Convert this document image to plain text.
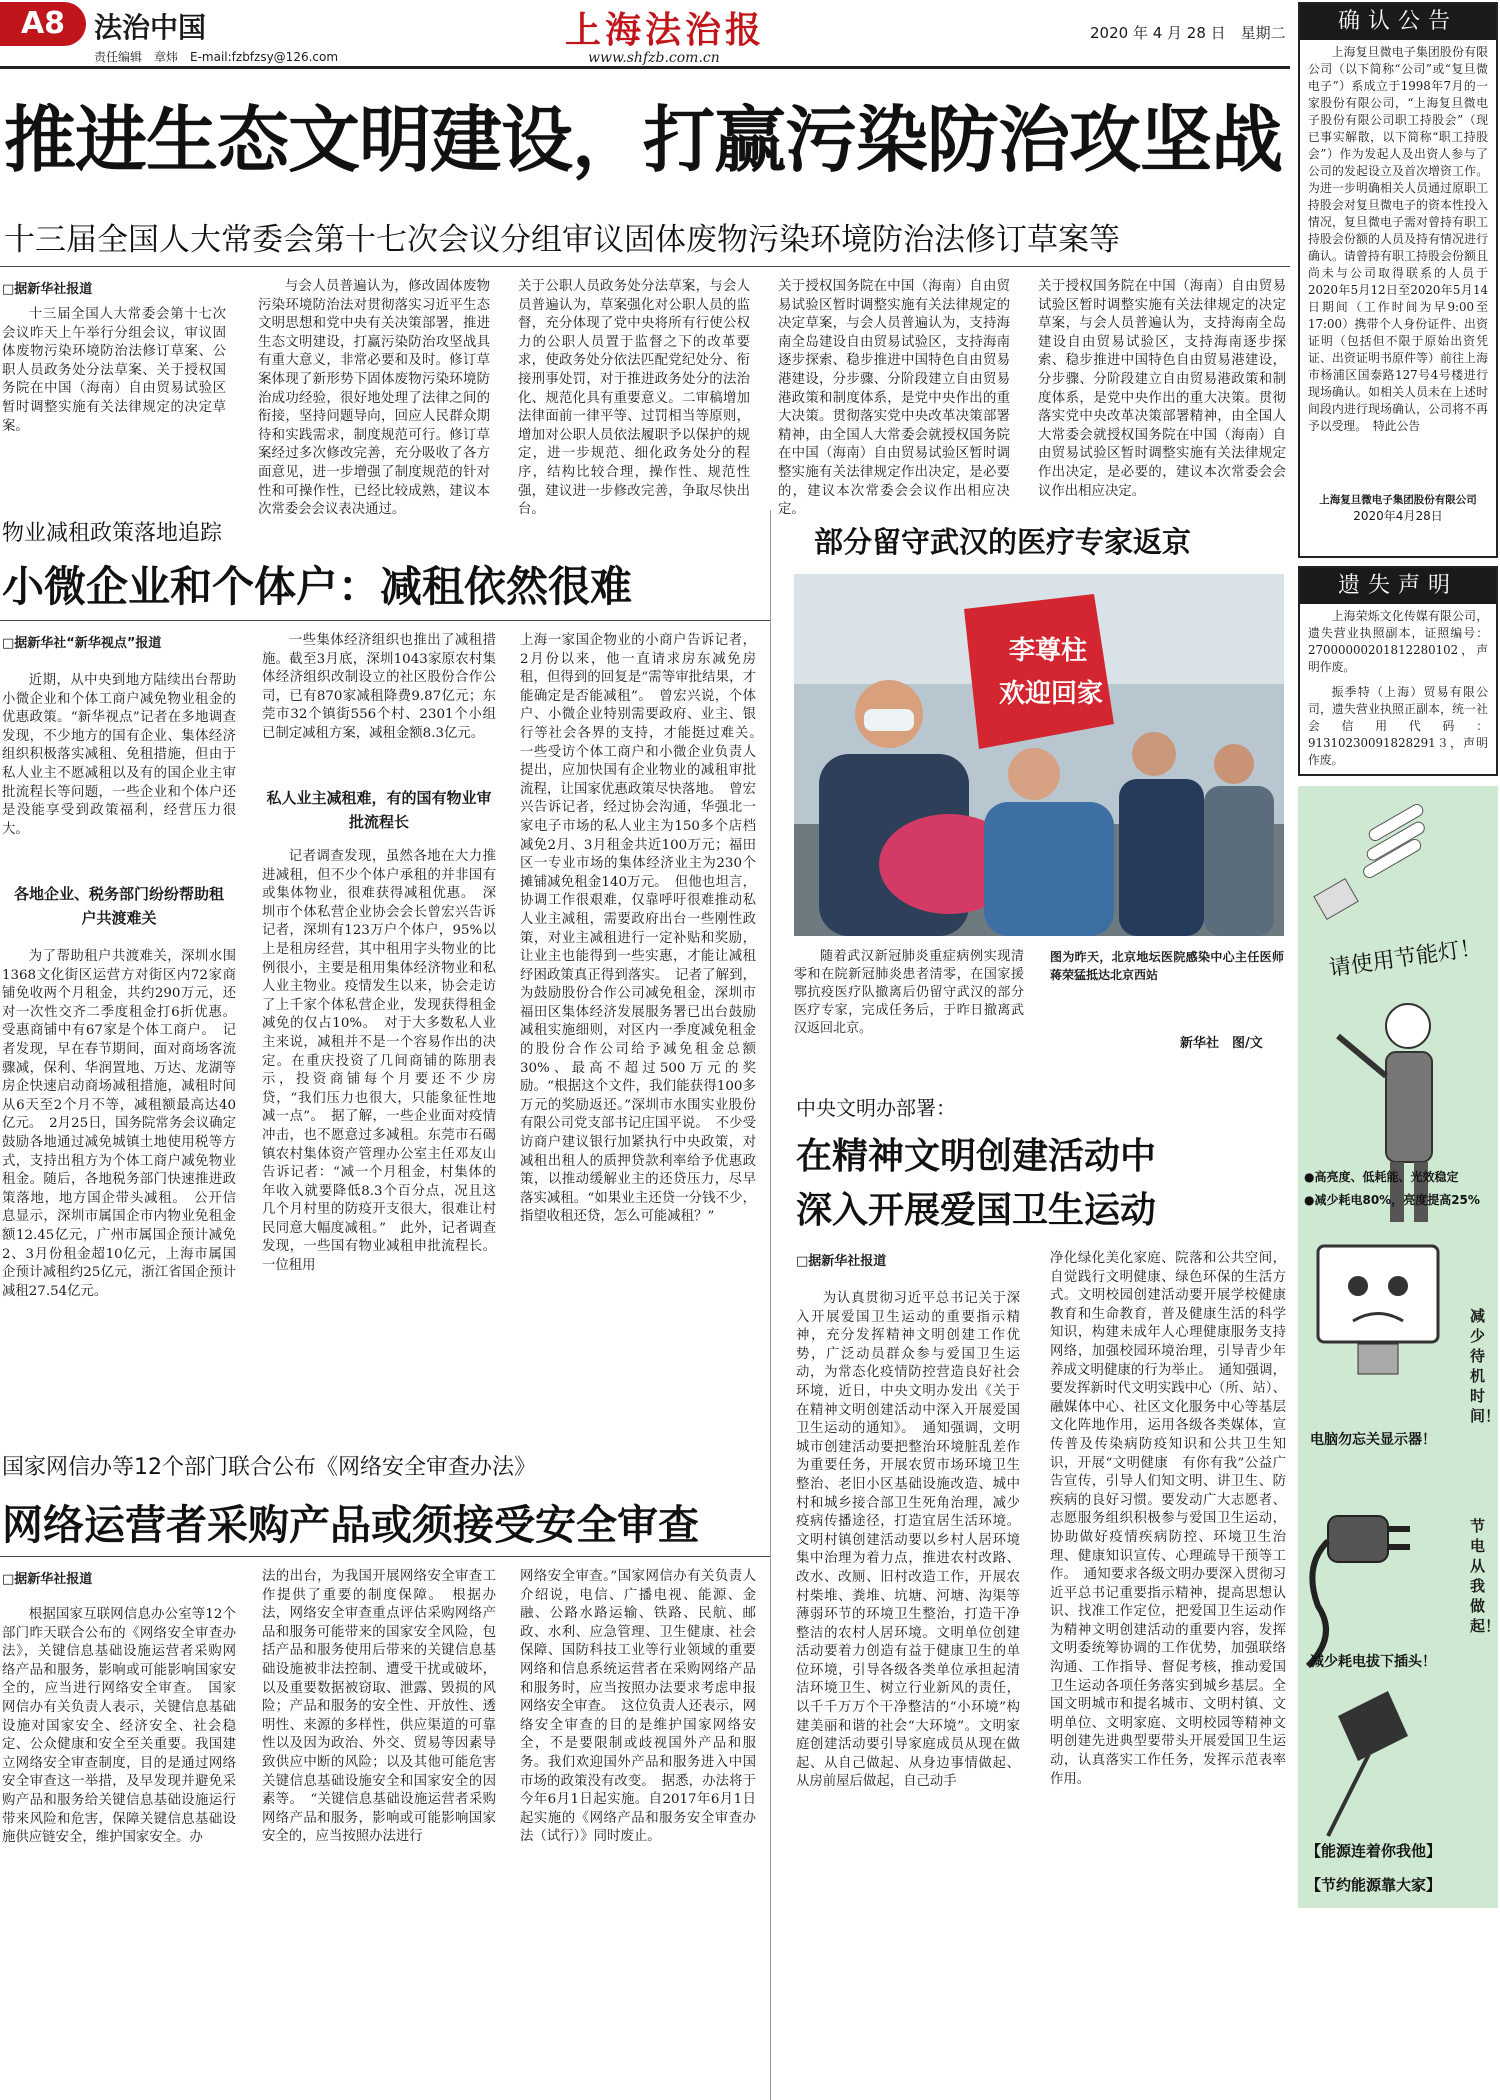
A8	法治中国
责任编辑　章炜　E-mail:fzbfzsy@126.com
上海法治报
www.shfzb.com.cn
2020 年 4 月 28 日　星期二
推进生态文明建设，打赢污染防治攻坚战
十三届全国人大常委会第十七次会议分组审议固体废物污染环境防治法修订草案等
□据新华社报道
十三届全国人大常委会第十七次会议昨天上午举行分组会议，审议固体废物污染环境防治法修订草案、公职人员政务处分法草案、关于授权国务院在中国（海南）自由贸易试验区暂时调整实施有关法律规定的决定草案。
与会人员普遍认为，修改固体废物污染环境防治法对贯彻落实习近平生态文明思想和党中央有关决策部署，推进生态文明建设，打赢污染防治攻坚战具有重大意义，非常必要和及时。修订草案体现了新形势下固体废物污染环境防治成功经验，很好地处理了法律之间的衔接，坚持问题导向，回应人民群众期待和实践需求，制度规范可行。修订草案经过多次修改完善，充分吸收了各方面意见，进一步增强了制度规范的针对性和可操作性，已经比较成熟，建议本次常委会会议表决通过。
关于公职人员政务处分法草案，与会人员普遍认为，草案强化对公职人员的监督，充分体现了党中央将所有行使公权力的公职人员置于监督之下的改革要求，使政务处分依法匹配党纪处分、衔接刑事处罚，对于推进政务处分的法治化、规范化具有重要意义。二审稿增加法律面前一律平等、过罚相当等原则，增加对公职人员依法履职予以保护的规定，进一步规范、细化政务处分的程序，结构比较合理，操作性、规范性强，建议进一步修改完善，争取尽快出台。
关于授权国务院在中国（海南）自由贸易试验区暂时调整实施有关法律规定的决定草案，与会人员普遍认为，支持海南全岛建设自由贸易试验区，支持海南逐步探索、稳步推进中国特色自由贸易港建设，分步骤、分阶段建立自由贸易港政策和制度体系，是党中央作出的重大决策。贯彻落实党中央改革决策部署精神，由全国人大常委会就授权国务院在中国（海南）自由贸易试验区暂时调整实施有关法律规定作出决定，是必要的，建议本次常委会会议作出相应决定。
关于授权国务院在中国（海南）自由贸易试验区暂时调整实施有关法律规定的决定草案，与会人员普遍认为，支持海南全岛建设自由贸易试验区，支持海南逐步探索、稳步推进中国特色自由贸易港建设，分步骤、分阶段建立自由贸易港政策和制度体系，是党中央作出的重大决策。贯彻落实党中央改革决策部署精神，由全国人大常委会就授权国务院在中国（海南）自由贸易试验区暂时调整实施有关法律规定作出决定，是必要的，建议本次常委会会议作出相应决定。
物业减租政策落地追踪
小微企业和个体户：减租依然很难
□据新华社“新华视点”报道
近期，从中央到地方陆续出台帮助小微企业和个体工商户减免物业租金的优惠政策。“新华视点”记者在多地调查发现，不少地方的国有企业、集体经济组织积极落实减租、免租措施，但由于私人业主不愿减租以及有的国企业主审批流程长等问题，一些企业和个体户还是没能享受到政策福利，经营压力很大。
各地企业、税务部门纷纷帮助租户共渡难关
为了帮助租户共渡难关，深圳水围1368文化街区运营方对街区内72家商铺免收两个月租金，共约290万元，还对一次性交齐二季度租金打6折优惠。受惠商铺中有67家是个体工商户。　记者发现，早在春节期间，面对商场客流骤减，保利、华润置地、万达、龙湖等房企快速启动商场减租措施，减租时间从6天至2个月不等，减租额最高达40亿元。　2月25日，国务院常务会议确定鼓励各地通过减免城镇土地使用税等方式，支持出租方为个体工商户减免物业租金。随后，各地税务部门快速推进政策落地，地方国企带头减租。　公开信息显示，深圳市属国企市内物业免租金额12.45亿元，广州市属国企预计减免2、3月份租金超10亿元，上海市属国企预计减租约25亿元，浙江省国企预计减租27.54亿元。
一些集体经济组织也推出了减租措施。截至3月底，深圳1043家原农村集体经济组织改制设立的社区股份合作公司，已有870家减租降费9.87亿元；东莞市32个镇街556个村、2301个小组已制定减租方案，减租金额8.3亿元。
私人业主减租难，有的国有物业审批流程长
记者调查发现，虽然各地在大力推进减租，但不少个体户承租的并非国有或集体物业，很难获得减租优惠。　深圳市个体私营企业协会会长曾宏兴告诉记者，深圳有123万户个体户，95%以上是租房经营，其中租用字头物业的比例很小，主要是租用集体经济物业和私人业主物业。疫情发生以来，协会走访了上千家个体私营企业，发现获得租金减免的仅占10%。　对于大多数私人业主来说，减租并不是一个容易作出的决定。在重庆投资了几间商铺的陈朋表示，投资商铺每个月要还不少房贷，“我们压力也很大，只能象征性地减一点”。　据了解，一些企业面对疫情冲击，也不愿意过多减租。东莞市石碣镇农村集体资产管理办公室主任邓友山告诉记者：“减一个月租金，村集体的年收入就要降低8.3个百分点，况且这几个月村里的防疫开支很大，很难让村民同意大幅度减租。”　此外，记者调查发现，一些国有物业减租申批流程长。一位租用
上海一家国企物业的小商户告诉记者，2月份以来，他一直请求房东减免房租，但得到的回复是“需等审批结果，才能确定是否能减租”。　曾宏兴说，个体户、小微企业特别需要政府、业主、银行等社会各界的支持，才能挺过难关。　一些受访个体工商户和小微企业负责人提出，应加快国有企业物业的减租审批流程，让国家优惠政策尽快落地。　曾宏兴告诉记者，经过协会沟通，华强北一家电子市场的私人业主为150多个店档减免2月、3月租金共近100万元；福田区一专业市场的集体经济业主为230个摊铺减免租金140万元。　但他也坦言，协调工作很艰难，仅靠呼吁很难推动私人业主减租，需要政府出台一些刚性政策，对业主减租进行一定补贴和奖励，让业主也能得到一些实惠，才能让减租纾困政策真正得到落实。　记者了解到，为鼓励股份合作公司减免租金，深圳市福田区集体经济发展服务署已出台鼓励减租实施细则，对区内一季度减免租金的股份合作公司给予减免租金总额30%、最高不超过500万元的奖励。“根据这个文件，我们能获得100多万元的奖励返还。”深圳市水围实业股份有限公司党支部书记庄国平说。　不少受访商户建议银行加紧执行中央政策，对减租出租人的质押贷款利率给予优惠政策，以推动缓解业主的还贷压力，尽早落实减租。“如果业主还贷一分钱不少，指望收租还贷，怎么可能减租？”
部分留守武汉的医疗专家返京
李尊柱
欢迎回家
随着武汉新冠肺炎重症病例实现清零和在院新冠肺炎患者清零，在国家援鄂抗疫医疗队撤离后仍留守武汉的部分医疗专家，完成任务后，于昨日撤离武汉返回北京。
图为昨天，北京地坛医院感染中心主任医师蒋荣猛抵达北京西站
新华社　图/文
中央文明办部署：
在精神文明创建活动中
深入开展爱国卫生运动
□据新华社报道
为认真贯彻习近平总书记关于深入开展爱国卫生运动的重要指示精神，充分发挥精神文明创建工作优势，广泛动员群众参与爱国卫生运动，为常态化疫情防控营造良好社会环境，近日，中央文明办发出《关于在精神文明创建活动中深入开展爱国卫生运动的通知》。　通知强调，文明城市创建活动要把整治环境脏乱差作为重要任务，开展农贸市场环境卫生整治、老旧小区基础设施改造、城中村和城乡接合部卫生死角治理，减少疫病传播途径，打造宜居生活环境。文明村镇创建活动要以乡村人居环境集中治理为着力点，推进农村改路、改水、改厕、旧村改造工作，开展农村柴堆、粪堆、坑塘、河塘、沟渠等薄弱环节的环境卫生整治，打造干净整洁的农村人居环境。文明单位创建活动要着力创造有益于健康卫生的单位环境，引导各级各类单位承担起清洁环境卫生、树立行业新风的责任，以千千万万个干净整洁的“小环境”构建美丽和谐的社会“大环境”。文明家庭创建活动要引导家庭成员从现在做起、从自己做起、从身边事情做起、从房前屋后做起，自己动手
净化绿化美化家庭、院落和公共空间，自觉践行文明健康、绿色环保的生活方式。文明校园创建活动要开展学校健康教育和生命教育，普及健康生活的科学知识，构建未成年人心理健康服务支持网络，加强校园环境治理，引导青少年养成文明健康的行为举止。　通知强调，要发挥新时代文明实践中心（所、站）、融媒体中心、社区文化服务中心等基层文化阵地作用，运用各级各类媒体，宣传普及传染病防疫知识和公共卫生知识，开展“文明健康　有你有我”公益广告宣传，引导人们知文明、讲卫生、防疾病的良好习惯。要发动广大志愿者、志愿服务组织积极参与爱国卫生运动，协助做好疫情疾病防控、环境卫生治理、健康知识宣传、心理疏导干预等工作。　通知要求各级文明办要深入贯彻习近平总书记重要指示精神，提高思想认识、找准工作定位，把爱国卫生运动作为精神文明创建活动的重要内容，发挥文明委统筹协调的工作优势，加强联络沟通、工作指导、督促考核，推动爱国卫生运动各项任务落实到城乡基层。全国文明城市和提名城市、文明村镇、文明单位、文明家庭、文明校园等精神文明创建先进典型要带头开展爱国卫生运动，认真落实工作任务，发挥示范表率作用。
国家网信办等12个部门联合公布《网络安全审查办法》
网络运营者采购产品或须接受安全审查
□据新华社报道
根据国家互联网信息办公室等12个部门昨天联合公布的《网络安全审查办法》，关键信息基础设施运营者采购网络产品和服务，影响或可能影响国家安全的，应当进行网络安全审查。　国家网信办有关负责人表示，关键信息基础设施对国家安全、经济安全、社会稳定、公众健康和安全至关重要。我国建立网络安全审查制度，目的是通过网络安全审查这一举措，及早发现并避免采购产品和服务给关键信息基础设施运行带来风险和危害，保障关键信息基础设施供应链安全，维护国家安全。办
法的出台，为我国开展网络安全审查工作提供了重要的制度保障。　根据办法，网络安全审查重点评估采购网络产品和服务可能带来的国家安全风险，包括产品和服务使用后带来的关键信息基础设施被非法控制、遭受干扰或破坏，以及重要数据被窃取、泄露、毁损的风险；产品和服务的安全性、开放性、透明性、来源的多样性，供应渠道的可靠性以及因为政治、外交、贸易等因素导致供应中断的风险；以及其他可能危害关键信息基础设施安全和国家安全的因素等。　“关键信息基础设施运营者采购网络产品和服务，影响或可能影响国家安全的，应当按照办法进行
网络安全审查。”国家网信办有关负责人介绍说，电信、广播电视、能源、金融、公路水路运输、铁路、民航、邮政、水利、应急管理、卫生健康、社会保障、国防科技工业等行业领域的重要网络和信息系统运营者在采购网络产品和服务时，应当按照办法要求考虑申报网络安全审查。　这位负责人还表示，网络安全审查的目的是维护国家网络安全，不是要限制或歧视国外产品和服务。我们欢迎国外产品和服务进入中国市场的政策没有改变。　据悉，办法将于今年6月1日起实施。自2017年6月1日起实施的《网络产品和服务安全审查办法（试行）》同时废止。
确认公告
上海复旦微电子集团股份有限公司（以下简称“公司”或“复旦微电子”）系成立于1998年7月的一家股份有限公司，“上海复旦微电子股份有限公司职工持股会”（现已事实解散，以下简称“职工持股会”）作为发起人及出资人参与了公司的发起设立及首次增资工作。为进一步明确相关人员通过原职工持股会对复旦微电子的资本性投入情况，复旦微电子需对曾持有职工持股会份额的人员及持有情况进行确认。请曾持有职工持股会份额且尚未与公司取得联系的人员于2020年5月12日至2020年5月14日期间（工作时间为早9:00至17:00）携带个人身份证件、出资证明（包括但不限于原始出资凭证、出资证明书原件等）前往上海市杨浦区国泰路127号4号楼进行现场确认。如相关人员未在上述时间段内进行现场确认，公司将不再予以受理。　特此公告
上海复旦微电子集团股份有限公司
2020年4月28日
遗失声明
上海荣烁文化传媒有限公司，遗失营业执照副本，证照编号：27000000201812280102，声明作废。
振季特（上海）贸易有限公司，遗失营业执照正副本，统一社会信用代码：91310230091828291３，声明作废。
请使用节能灯！
●高亮度、低耗能、光效稳定
●减少耗电80%，亮度提高25%
电脑勿忘关显示器！
减少耗电拔下插头！
【能源连着你我他】
【节约能源靠大家】
减少待机时间！
节电从我做起！
